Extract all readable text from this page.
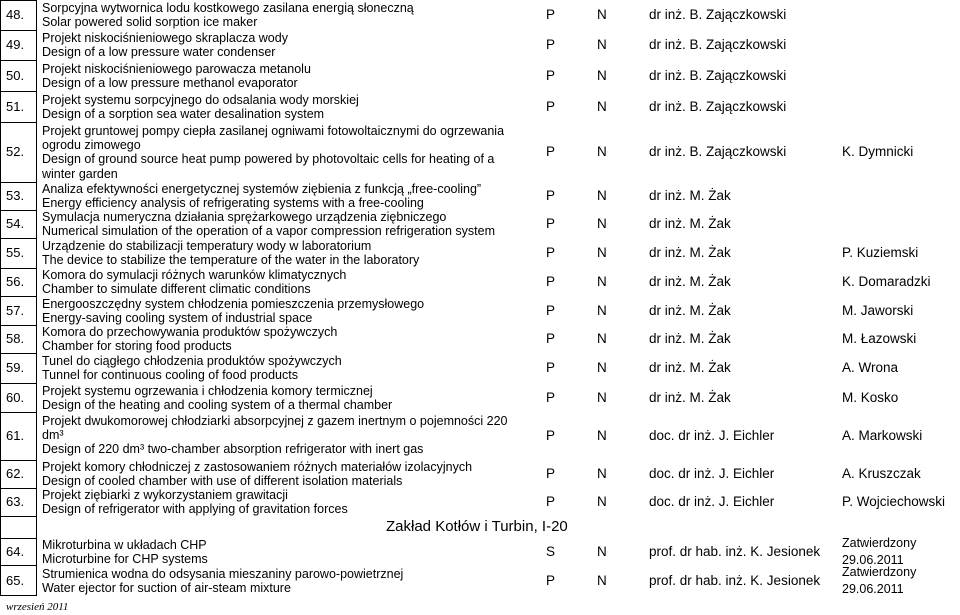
48. Sorpcyjna wytwornica lodu kostkowego zasilana energią słoneczną
Solar powered solid sorption ice maker
P	N	dr inż. B. Zajączkowski
49. Projekt niskociśnieniowego skraplacza wody
Design of a low pressure water condenser
P	N	dr inż. B. Zajączkowski
50. Projekt niskociśnieniowego parowacza metanolu
Design of a low pressure methanol evaporator
P	N	dr inż. B. Zajączkowski
51. Projekt systemu sorpcyjnego do odsalania wody morskiej
Design of a sorption sea water desalination system
P	N	dr inż. B. Zajączkowski
52.
Projekt gruntowej pompy ciepła zasilanej ogniwami fotowoltaicznymi do ogrzewania ogrodu zimowego
Design of ground source heat pump powered by photovoltaic cells for heating of a winter garden
P	N	dr inż. B. Zajączkowski	K. Dymnicki
53. Analiza efektywności energetycznej systemów ziębienia z funkcją „free-cooling”
Energy efficiency analysis of refrigerating systems with a free-cooling
P	N	dr inż. M. Żak
54. Symulacja numeryczna działania sprężarkowego urządzenia ziębniczego
Numerical simulation of the operation of a vapor compression refrigeration system
P	N	dr inż. M. Żak
55. Urządzenie do stabilizacji temperatury wody w laboratorium
The device to stabilize the temperature of the water in the laboratory
P	N	dr inż. M. Żak	P. Kuziemski
56. Komora do symulacji różnych warunków klimatycznych
Chamber to simulate different climatic conditions
P	N	dr inż. M. Żak	K. Domaradzki
57. Energooszczędny system chłodzenia pomieszczenia przemysłowego
Energy-saving cooling system of industrial space
P	N	dr inż. M. Żak	M. Jaworski
58. Komora do przechowywania produktów spożywczych
Chamber for storing food products
P	N	dr inż. M. Żak	M. Łazowski
59. Tunel do ciągłego chłodzenia produktów spożywczych
Tunnel for continuous cooling of food products
P	N	dr inż. M. Żak	A. Wrona
60. Projekt systemu ogrzewania i chłodzenia komory termicznej
Design of the heating and cooling system of a thermal chamber
P	N	dr inż. M. Żak	M. Kosko
61.
Projekt dwukomorowej chłodziarki absorpcyjnej z gazem inertnym o pojemności 220 dm³
Design of 220 dm³ two-chamber absorption refrigerator with inert gas
P	N	doc. dr inż. J. Eichler	A. Markowski
62. Projekt komory chłodniczej z zastosowaniem różnych materiałów izolacyjnych
Design of cooled chamber with use of different isolation materials
P	N	doc. dr inż. J. Eichler	A. Kruszczak
63. Projekt ziębiarki z wykorzystaniem grawitacji
Design of refrigerator with applying of gravitation forces
P	N	doc. dr inż. J. Eichler	P. Wojciechowski
64. Mikroturbina w układach CHP
Microturbine for CHP systems
S	N	prof. dr hab. inż. K. Jesionek
Zatwierdzony 29.06.2011
65. Strumienica wodna do odsysania mieszaniny parowo-powietrznej
Water ejector for suction of air-steam mixture
P	N	prof. dr hab. inż. K. Jesionek
Zatwierdzony 29.06.2011
Zakład Kotłów i Turbin, I-20
wrzesień 2011
